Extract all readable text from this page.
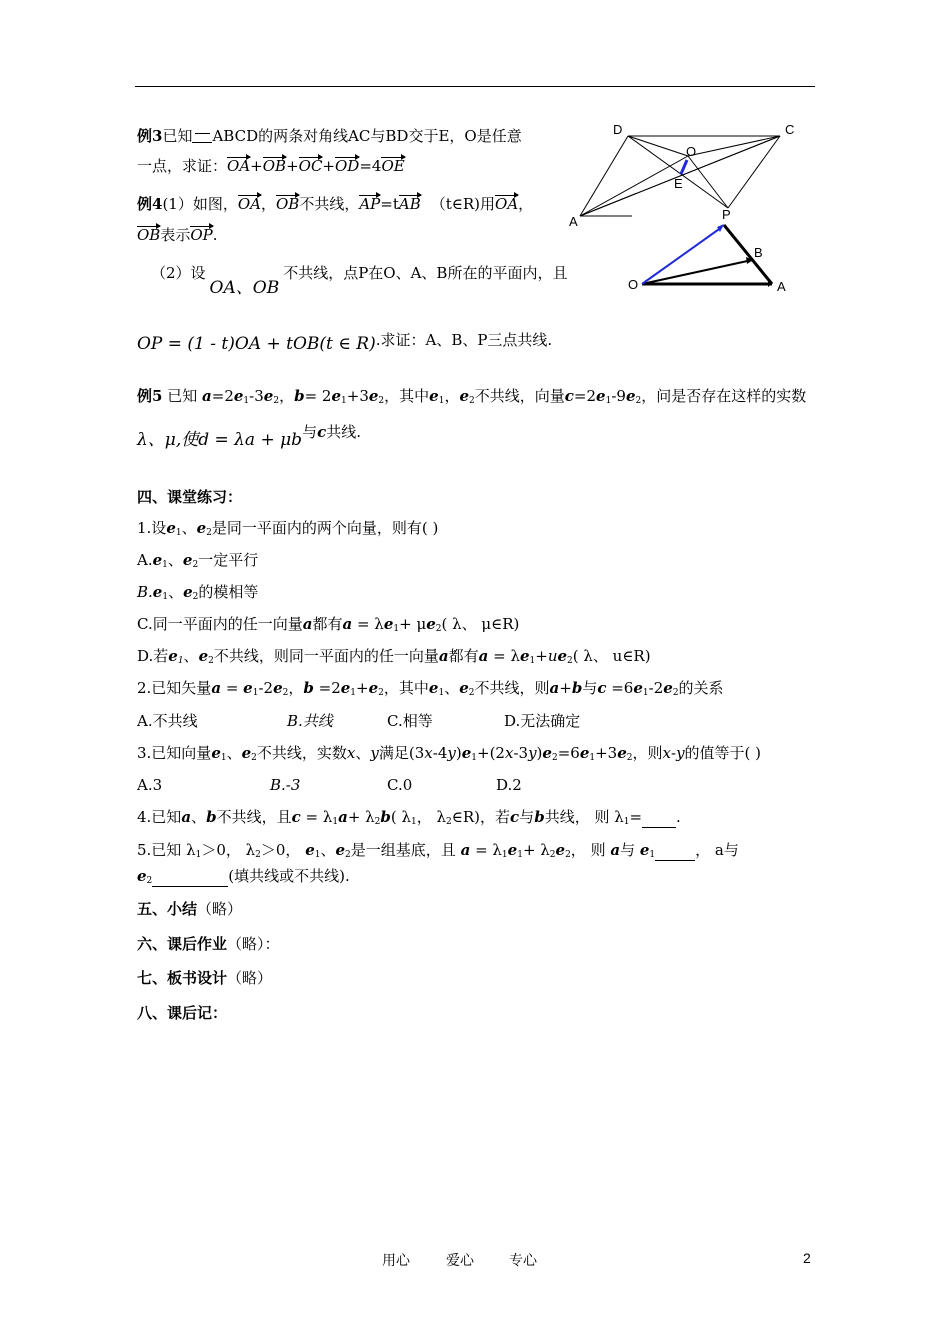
例3已知 ABCD的两条对角线AC与BD交于E，O是任意
一点，求证：OA+OB+OC+OD=4OE
例4(1）如图，OA，OB不共线，AP=tAB （t∈R)用OA，
OB表示OP.
（2）设OA、OB不共线，点P在O、A、B所在的平面内，且
OP = (1 - t)OA + tOB(t ∈ R).求证：A、B、P三点共线.
例5 已知 $a=2e_1-3e_2$，$b= 2e_1+3e_2$，其中$e_1$，$e_2$不共线，向量$c=2e_1-9e_2$，问是否存在这样的实数
λ、μ,使d = λa + μb与c共线.
四、课堂练习：
1.设$e_1$、$e_2$是同一平面内的两个向量，则有( )
$A.e_1$、$e_2$一定平行
$B.e_1$、$e_2$的模相等
C.同一平面内的任一向量a都有$a = \lambda e_1+ \mu e_2$( λ、 μ∈R)
D.若$e_1$、$e_2$不共线，则同一平面内的任一向量a都有$a = \lambda e_1+ue_2$( λ、 u∈R)
2.已知矢量$a = e_1-2e_2$，$b =2e_1+e_2$，其中$e_1$、$e_2$不共线，则a+b与$c =6e_1-2e_2$的关系
A.不共线	B.共线	C.相等	D.无法确定
3.已知向量$e_1$、$e_2$不共线，实数x、y满足$(3x-4y)e_1+(2x-3y)e_2=6e_1+3e_2$，则x-y的值等于( )
A.3	B.-3	C.0	D.2
4.已知a、b不共线，且$c = \lambda_1a+ \lambda_2b$( $\lambda_1$， $\lambda_2\in R$)，若c与b共线， 则 $\lambda_1=$ .
5.已知 $\lambda_1>0$， $\lambda_2>0$， $e_1$、$e_2$是一组基底，且 $a = \lambda_1e_1+ \lambda_2e_2$， 则 a与 $e_1$	， a与
$e_2$	(填共线或不共线).
五、小结（略）
六、课后作业（略）：
七、板书设计（略）
八、课后记：
D	C
O
E
A	P
B
O	A
用心	爱心	专心	2
